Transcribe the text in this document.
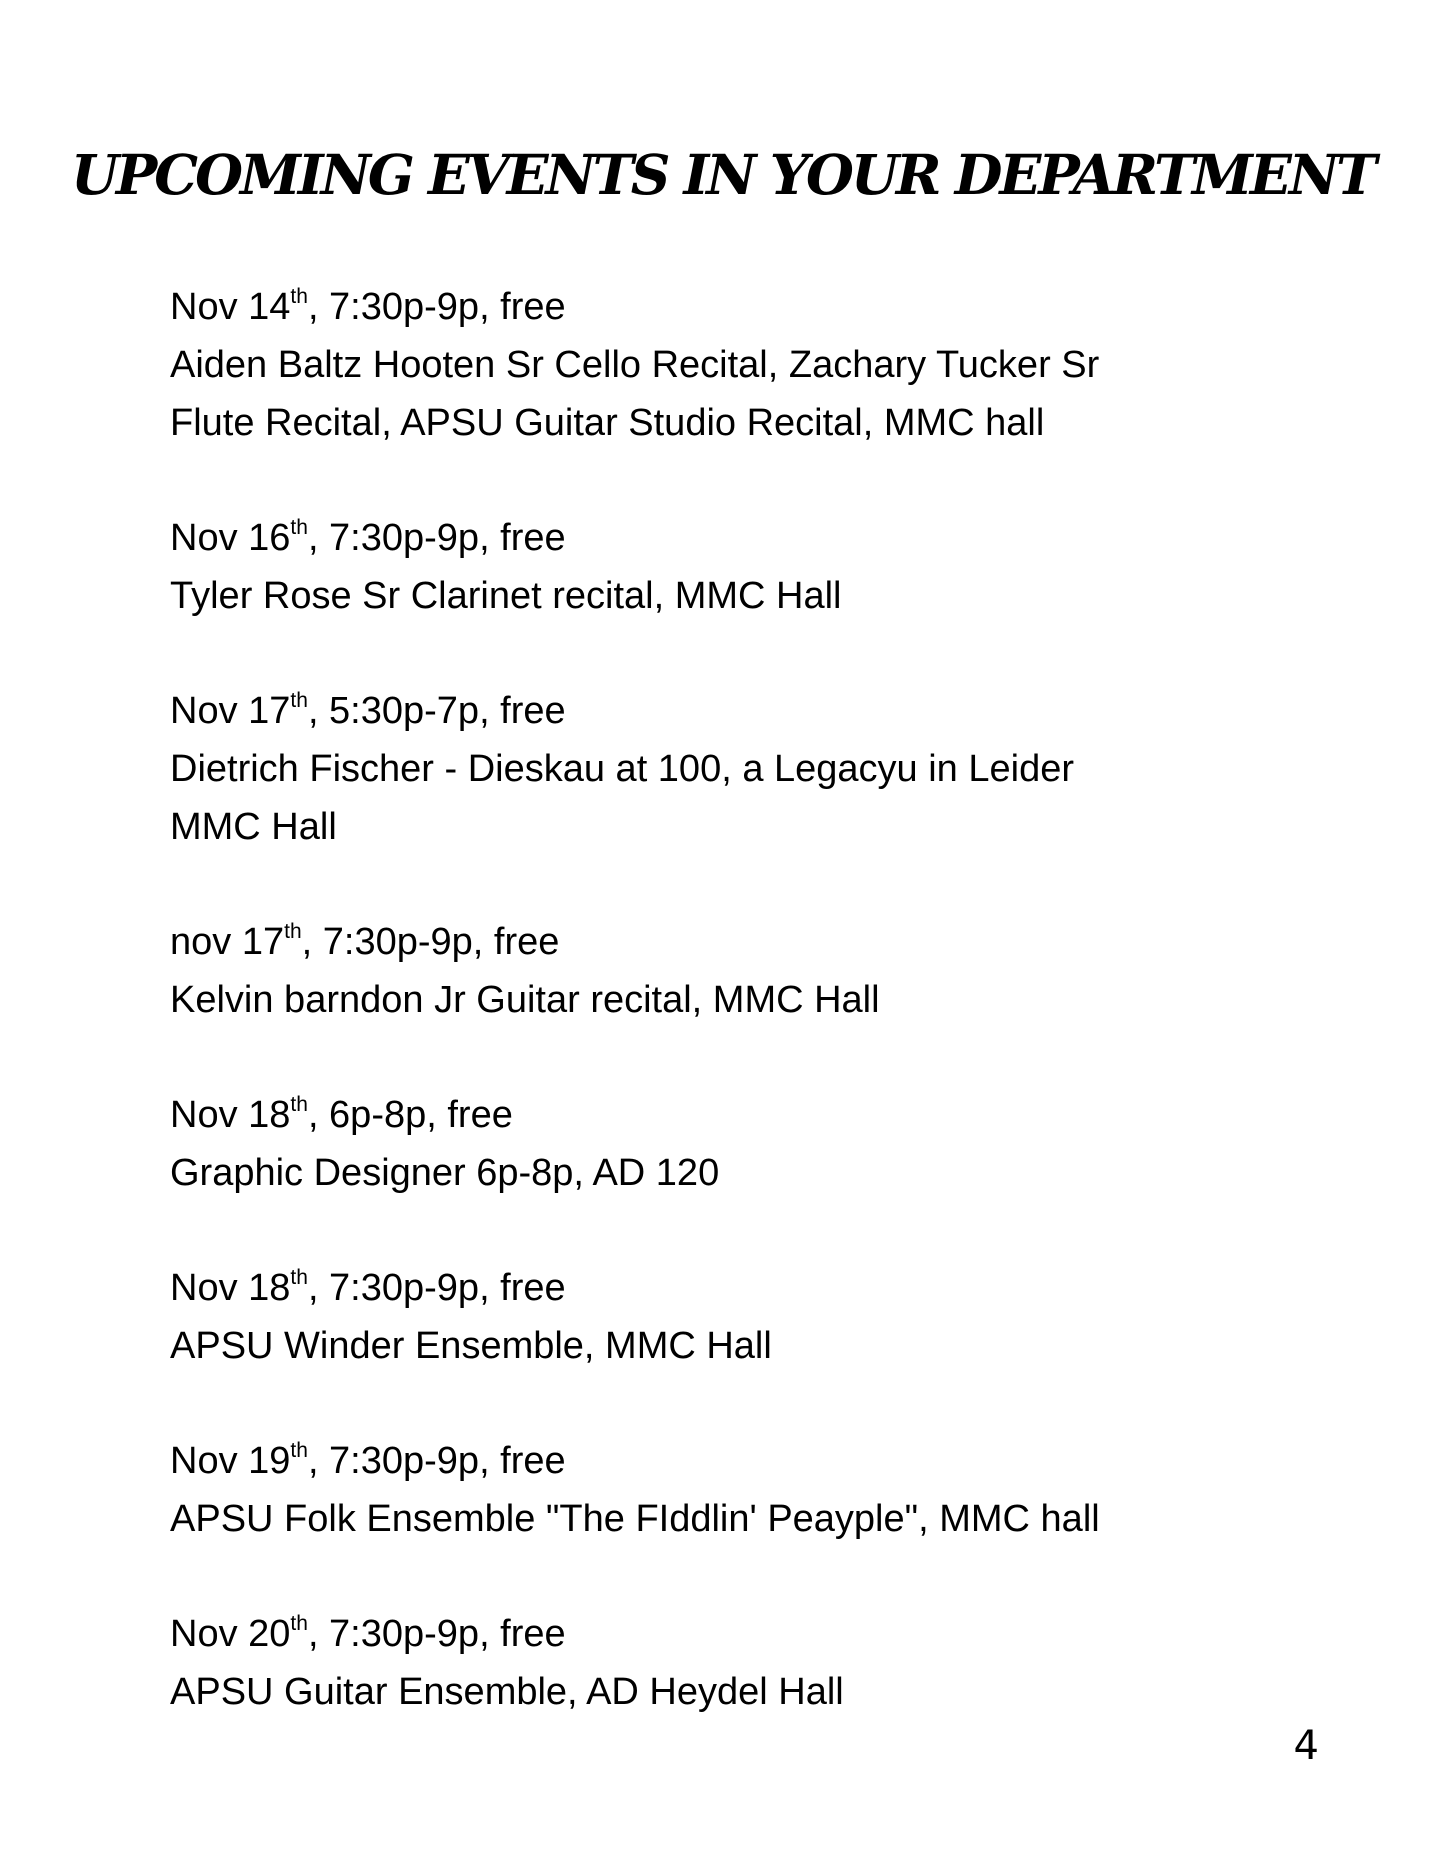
UPCOMING EVENTS IN YOUR DEPARTMENT
Nov 14th, 7:30p-9p, free
Aiden Baltz Hooten Sr Cello Recital, Zachary Tucker Sr
Flute Recital, APSU Guitar Studio Recital, MMC hall
Nov 16th, 7:30p-9p, free
Tyler Rose Sr Clarinet recital, MMC Hall
Nov 17th, 5:30p-7p, free
Dietrich Fischer - Dieskau at 100, a Legacyu in Leider
MMC Hall
nov 17th, 7:30p-9p, free
Kelvin barndon Jr Guitar recital, MMC Hall
Nov 18th, 6p-8p, free
Graphic Designer 6p-8p, AD 120
Nov 18th, 7:30p-9p, free
APSU Winder Ensemble, MMC Hall
Nov 19th, 7:30p-9p, free
APSU Folk Ensemble "The FIddlin' Peayple", MMC hall
Nov 20th, 7:30p-9p, free
APSU Guitar Ensemble, AD Heydel Hall
4
